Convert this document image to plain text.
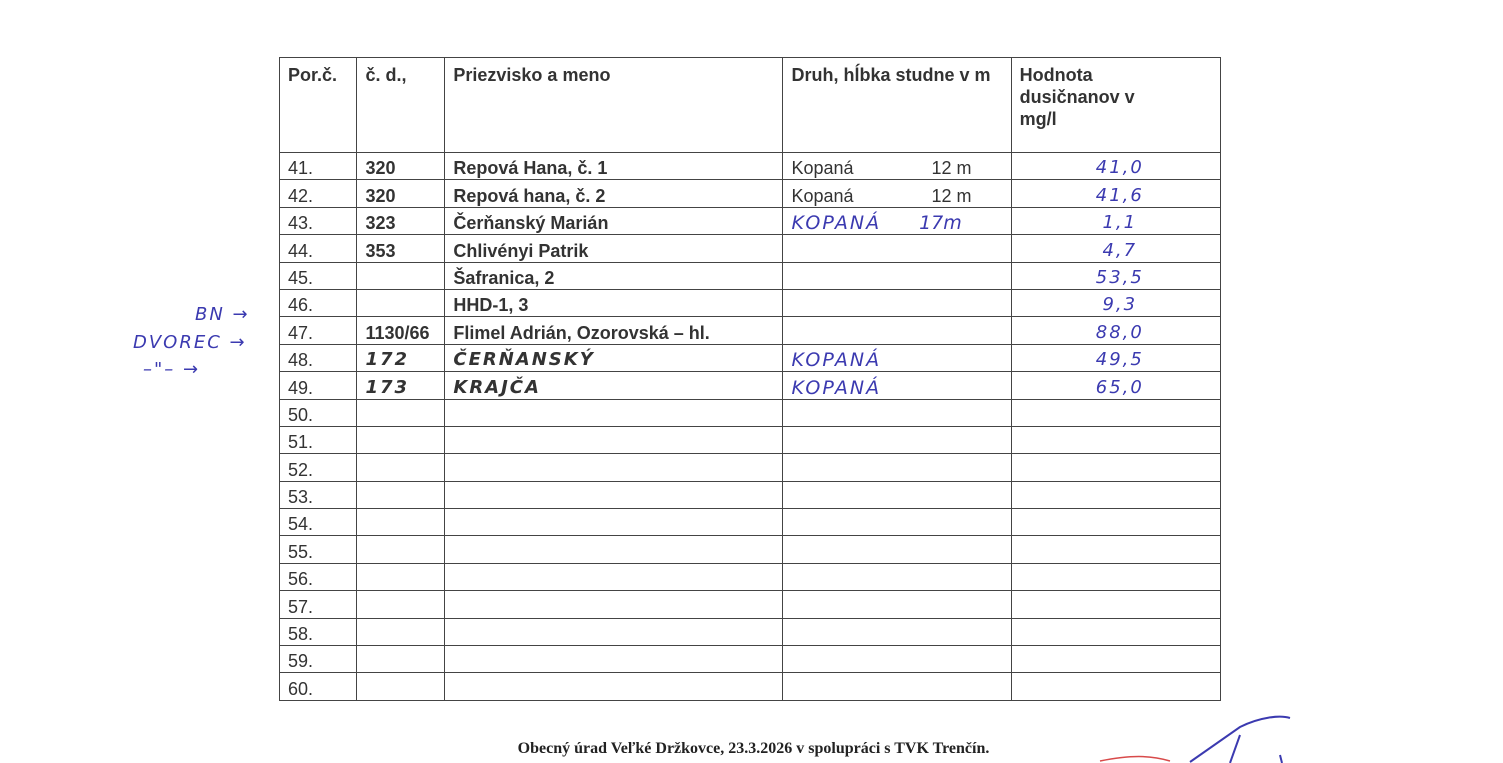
Por.č.	č. d.,	Priezvisko a meno	Druh, hĺbka studne v m	Hodnota dusičnanov v mg/l

41.	320	Repová Hana, č. 1	Kopaná 12 m	41,0
42.	320	Repová hana, č. 2	Kopaná 12 m	41,6
43.	323	Čerňanský Marián	KOPANÁ 17m	1,1
44.	353	Chlivényi Patrik		4,7
45.		Šafranica, 2		53,5
46.		HHD-1, 3		9,3
47.	1130/66	Flimel Adrián, Ozorovská – hl.		88,0
48.	172	ČERŇANSKÝ	KOPANÁ	49,5
49.	173	KRAJČA	KOPANÁ	65,0
50.				
51.				
52.				
53.				
54.				
55.				
56.				
57.				
58.				
59.				
60.				
BN →
DVOREC →
–"– →
Obecný úrad Veľké Držkovce, 23.3.2026 v spolupráci s TVK Trenčín.
